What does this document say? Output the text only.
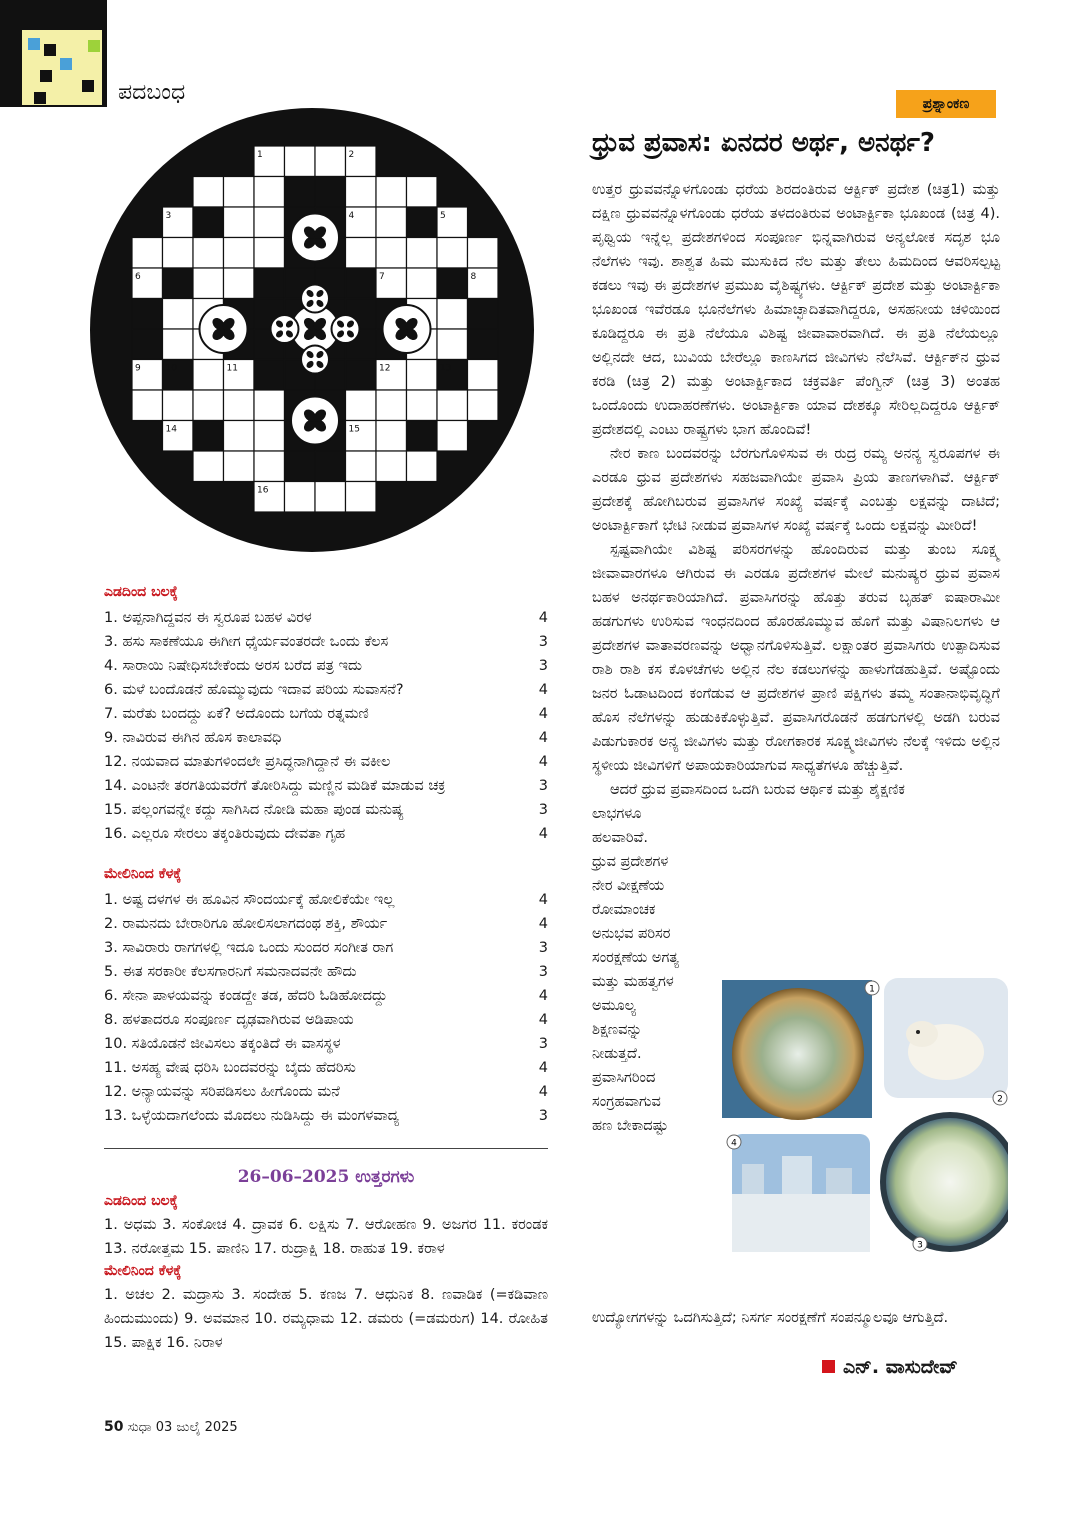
ಪದಬಂಧ
1	2
3	4	5
6	7	8
9	10	11	12	13
14	15
16
ಎಡದಿಂದ ಬಲಕ್ಕೆ
1. ಅಪ್ಪನಾಗಿದ್ದವನ ಈ ಸ್ವರೂಪ ಬಹಳ ವಿರಳ	4
3. ಹಸು ಸಾಕಣೆಯೂ ಈಗೀಗ ಧೈರ್ಯವಂತರದೇ ಒಂದು ಕೆಲಸ	3
4. ಸಾರಾಯಿ ನಿಷೇಧಿಸಬೇಕೆಂದು ಅರಸ ಬರೆದ ಪತ್ರ ಇದು	3
6. ಮಳೆ ಬಂದೊಡನೆ ಹೊಮ್ಮುವುದು ಇದಾವ ಪರಿಯ ಸುವಾಸನೆ?	4
7. ಮರೆತು ಬಂದದ್ದು ಏಕೆ? ಅದೊಂದು ಬಗೆಯ ರತ್ನಮಣಿ	4
9. ನಾವಿರುವ ಈಗಿನ ಹೊಸ ಕಾಲಾವಧಿ	4
12. ನಯವಾದ ಮಾತುಗಳಿಂದಲೇ ಪ್ರಸಿದ್ಧನಾಗಿದ್ದಾನೆ ಈ ವಕೀಲ	4
14. ಎಂಟನೇ ತರಗತಿಯವರೆಗೆ ತೋರಿಸಿದ್ದು ಮಣ್ಣಿನ ಮಡಿಕೆ ಮಾಡುವ ಚಕ್ರ	3
15. ಪಲ್ಲಂಗವನ್ನೇ ಕದ್ದು ಸಾಗಿಸಿದ ನೋಡಿ ಮಹಾ ಪುಂಡ ಮನುಷ್ಯ	3
16. ಎಲ್ಲರೂ ಸೇರಲು ತಕ್ಕಂತಿರುವುದು ದೇವತಾ ಗೃಹ	4
ಮೇಲಿನಿಂದ ಕೆಳಕ್ಕೆ
1. ಅಷ್ಟ ದಳಗಳ ಈ ಹೂವಿನ ಸೌಂದರ್ಯಕ್ಕೆ ಹೋಲಿಕೆಯೇ ಇಲ್ಲ	4
2. ರಾಮನದು ಬೇರಾರಿಗೂ ಹೋಲಿಸಲಾಗದಂಥ ಶಕ್ತಿ, ಶೌರ್ಯ	4
3. ಸಾವಿರಾರು ರಾಗಗಳಲ್ಲಿ ಇದೂ ಒಂದು ಸುಂದರ ಸಂಗೀತ ರಾಗ	3
5. ಈತ ಸರಕಾರೀ ಕೆಲಸಗಾರನಿಗೆ ಸಮನಾದವನೇ ಹೌದು	3
6. ಸೇನಾ ಪಾಳಯವನ್ನು ಕಂಡದ್ದೇ ತಡ, ಹೆದರಿ ಓಡಿಹೋದದ್ದು	4
8. ಹಳತಾದರೂ ಸಂಪೂರ್ಣ ದೃಢವಾಗಿರುವ ಅಡಿಪಾಯ	4
10. ಸತಿಯೊಡನೆ ಜೀವಿಸಲು ತಕ್ಕಂತಿದೆ ಈ ವಾಸಸ್ಥಳ	3
11. ಅಸಹ್ಯ ವೇಷ ಧರಿಸಿ ಬಂದವರನ್ನು ಬೈದು ಹೆದರಿಸು	4
12. ಅನ್ಯಾಯವನ್ನು ಸರಿಪಡಿಸಲು ಹೀಗೊಂದು ಮನೆ	4
13. ಒಳ್ಳೆಯದಾಗಲೆಂದು ಮೊದಲು ನುಡಿಸಿದ್ದು ಈ ಮಂಗಳವಾದ್ಯ	3
26–06–2025 ಉತ್ತರಗಳು
ಎಡದಿಂದ ಬಲಕ್ಕೆ
1. ಅಧಮ 3. ಸಂಕೋಚ 4. ದ್ರಾವಕ 6. ಲಕ್ಷಿಸು 7. ಆರೋಹಣ 9. ಅಜಗರ 11. ಕರಂಡಕ 13. ನರೋತ್ತಮ 15. ಪಾಣಿನಿ 17. ರುದ್ರಾಕ್ಷಿ 18. ರಾಹುತ 19. ಕರಾಳ
ಮೇಲಿನಿಂದ ಕೆಳಕ್ಕೆ
1. ಅಚಲ 2. ಮದ್ರಾಸು 3. ಸಂದೇಹ 5. ಕಣಜ 7. ಆಧುನಿಕ 8. ಣವಾಡಿಕ (=ಕಡಿವಾಣ ಹಿಂದುಮುಂದು) 9. ಅವಮಾನ 10. ರಮ್ಯಧಾಮ 12. ಡಮರು (=ಡಮರುಗ) 14. ರೋಹಿತ 15. ಪಾಕ್ಷಿಕ 16. ನಿರಾಳ
50 ಸುಧಾ 03 ಜುಲೈ 2025
ಪ್ರಶ್ನಾಂಕಣ
ಧ್ರುವ ಪ್ರವಾಸ: ಏನದರ ಅರ್ಥ, ಅನರ್ಥ?

ಉತ್ತರ ಧ್ರುವವನ್ನೊಳಗೊಂಡು ಧರೆಯ ಶಿರದಂತಿರುವ ಆರ್ಕ್ಟಿಕ್ ಪ್ರದೇಶ (ಚಿತ್ರ1) ಮತ್ತು ದಕ್ಷಿಣ ಧ್ರುವವನ್ನೊಳಗೊಂಡು ಧರೆಯ ತಳದಂತಿರುವ ಅಂಟಾರ್ಕ್ಟಿಕಾ ಭೂಖಂಡ (ಚಿತ್ರ 4). ಪೃಥ್ವಿಯ ಇನ್ನೆಲ್ಲ ಪ್ರದೇಶಗಳಿಂದ ಸಂಪೂರ್ಣ ಭಿನ್ನವಾಗಿರುವ ಅನ್ಯಲೋಕ ಸದೃಶ ಭೂ ನೆಲೆಗಳು ಇವು. ಶಾಶ್ವತ ಹಿಮ ಮುಸುಕಿದ ನೆಲ ಮತ್ತು ತೇಲು ಹಿಮದಿಂದ ಆವರಿಸಲ್ಪಟ್ಟ ಕಡಲು ಇವು ಈ ಪ್ರದೇಶಗಳ ಪ್ರಮುಖ ವೈಶಿಷ್ಟ್ಯಗಳು. ಆರ್ಕ್ಟಿಕ್ ಪ್ರದೇಶ ಮತ್ತು ಅಂಟಾರ್ಕ್ಟಿಕಾ ಭೂಖಂಡ ಇವೆರಡೂ ಭೂನೆಲೆಗಳು ಹಿಮಾಚ್ಛಾದಿತವಾಗಿದ್ದರೂ, ಅಸಹನೀಯ ಚಳಿಯಿಂದ ಕೂಡಿದ್ದರೂ ಈ ಪ್ರತಿ ನೆಲೆಯೂ ವಿಶಿಷ್ಟ ಜೀವಾವಾರವಾಗಿದೆ. ಈ ಪ್ರತಿ ನೆಲೆಯಲ್ಲೂ ಅಲ್ಲಿನದೇ ಆದ, ಬುವಿಯ ಬೇರೆಲ್ಲೂ ಕಾಣಸಿಗದ ಜೀವಿಗಳು ನೆಲೆಸಿವೆ. ಆರ್ಕ್ಟಿಕ್‌ನ ಧ್ರುವ ಕರಡಿ (ಚಿತ್ರ 2) ಮತ್ತು ಅಂಟಾರ್ಕ್ಟಿಕಾದ ಚಕ್ರವರ್ತಿ ಪೆಂಗ್ವಿನ್ (ಚಿತ್ರ 3) ಅಂತಹ ಒಂದೊಂದು ಉದಾಹರಣೆಗಳು. ಅಂಟಾರ್ಕ್ಟಿಕಾ ಯಾವ ದೇಶಕ್ಕೂ ಸೇರಿಲ್ಲದಿದ್ದರೂ ಆರ್ಕ್ಟಿಕ್ ಪ್ರದೇಶದಲ್ಲಿ ಎಂಟು ರಾಷ್ಟ್ರಗಳು ಭಾಗ ಹೊಂದಿವೆ!

ನೇರ ಕಾಣ ಬಂದವರನ್ನು ಬೆರಗುಗೊಳಿಸುವ ಈ ರುದ್ರ ರಮ್ಯ ಅನನ್ಯ ಸ್ವರೂಪಗಳ ಈ ಎರಡೂ ಧ್ರುವ ಪ್ರದೇಶಗಳು ಸಹಜವಾಗಿಯೇ ಪ್ರವಾಸಿ ಪ್ರಿಯ ತಾಣಗಳಾಗಿವೆ. ಆರ್ಕ್ಟಿಕ್ ಪ್ರದೇಶಕ್ಕೆ ಹೋಗಿಬರುವ ಪ್ರವಾಸಿಗಳ ಸಂಖ್ಯೆ ವರ್ಷಕ್ಕೆ ಎಂಬತ್ತು ಲಕ್ಷವನ್ನು ದಾಟಿದೆ; ಅಂಟಾರ್ಕ್ಟಿಕಾಗೆ ಭೇಟಿ ನೀಡುವ ಪ್ರವಾಸಿಗಳ ಸಂಖ್ಯೆ ವರ್ಷಕ್ಕೆ ಒಂದು ಲಕ್ಷವನ್ನು ಮೀರಿದೆ!

ಸ್ಪಷ್ಟವಾಗಿಯೇ ವಿಶಿಷ್ಟ ಪರಿಸರಗಳನ್ನು ಹೊಂದಿರುವ ಮತ್ತು ತುಂಬ ಸೂಕ್ಷ್ಮ ಜೀವಾವಾರಗಳೂ ಆಗಿರುವ ಈ ಎರಡೂ ಪ್ರದೇಶಗಳ ಮೇಲೆ ಮನುಷ್ಯರ ಧ್ರುವ ಪ್ರವಾಸ ಬಹಳ ಅನರ್ಥಕಾರಿಯಾಗಿದೆ. ಪ್ರವಾಸಿಗರನ್ನು ಹೊತ್ತು ತರುವ ಬೃಹತ್ ಐಷಾರಾಮೀ ಹಡಗುಗಳು ಉರಿಸುವ ಇಂಧನದಿಂದ ಹೊರಹೊಮ್ಮುವ ಹೊಗೆ ಮತ್ತು ವಿಷಾನಿಲಗಳು ಆ ಪ್ರದೇಶಗಳ ವಾತಾವರಣವನ್ನು ಅಧ್ವಾನಗೊಳಿಸುತ್ತಿವೆ. ಲಕ್ಷಾಂತರ ಪ್ರವಾಸಿಗರು ಉತ್ಪಾದಿಸುವ ರಾಶಿ ರಾಶಿ ಕಸ ಕೊಳಚೆಗಳು ಅಲ್ಲಿನ ನೆಲ ಕಡಲುಗಳನ್ನು ಹಾಳುಗೆಡಹುತ್ತಿವೆ. ಅಷ್ಟೊಂದು ಜನರ ಓಡಾಟದಿಂದ ಕಂಗೆಡುವ ಆ ಪ್ರದೇಶಗಳ ಪ್ರಾಣಿ ಪಕ್ಷಿಗಳು ತಮ್ಮ ಸಂತಾನಾಭಿವೃದ್ಧಿಗೆ ಹೊಸ ನೆಲೆಗಳನ್ನು ಹುಡುಕಿಕೊಳ್ಳುತ್ತಿವೆ. ಪ್ರವಾಸಿಗರೊಡನೆ ಹಡಗುಗಳಲ್ಲಿ ಅಡಗಿ ಬರುವ ಪಿಡುಗುಕಾರಕ ಅನ್ಯ ಜೀವಿಗಳು ಮತ್ತು ರೋಗಕಾರಕ ಸೂಕ್ಷ್ಮಜೀವಿಗಳು ನೆಲಕ್ಕೆ ಇಳಿದು ಅಲ್ಲಿನ ಸ್ಥಳೀಯ ಜೀವಿಗಳಿಗೆ ಅಪಾಯಕಾರಿಯಾಗುವ ಸಾಧ್ಯತೆಗಳೂ ಹೆಚ್ಚುತ್ತಿವೆ.

ಆದರೆ ಧ್ರುವ ಪ್ರವಾಸದಿಂದ ಒದಗಿ ಬರುವ ಆರ್ಥಿಕ ಮತ್ತು ಶೈಕ್ಷಣಿಕ

ಲಾಭಗಳೂ
ಹಲವಾರಿವೆ.
ಧ್ರುವ ಪ್ರದೇಶಗಳ
ನೇರ ವೀಕ್ಷಣೆಯ
ರೋಮಾಂಚಕ
ಅನುಭವ ಪರಿಸರ
ಸಂರಕ್ಷಣೆಯ ಅಗತ್ಯ
ಮತ್ತು ಮಹತ್ವಗಳ
ಅಮೂಲ್ಯ
ಶಿಕ್ಷಣವನ್ನು
ನೀಡುತ್ತದೆ.
ಪ್ರವಾಸಿಗರಿಂದ
ಸಂಗ್ರಹವಾಗುವ
ಹಣ ಬೇಕಾದಷ್ಟು
1
2
3
4
ಉದ್ಯೋಗಗಳನ್ನು ಒದಗಿಸುತ್ತಿದೆ; ನಿಸರ್ಗ ಸಂರಕ್ಷಣೆಗೆ ಸಂಪನ್ಮೂಲವೂ ಆಗುತ್ತಿದೆ.
ಎನ್. ವಾಸುದೇವ್
